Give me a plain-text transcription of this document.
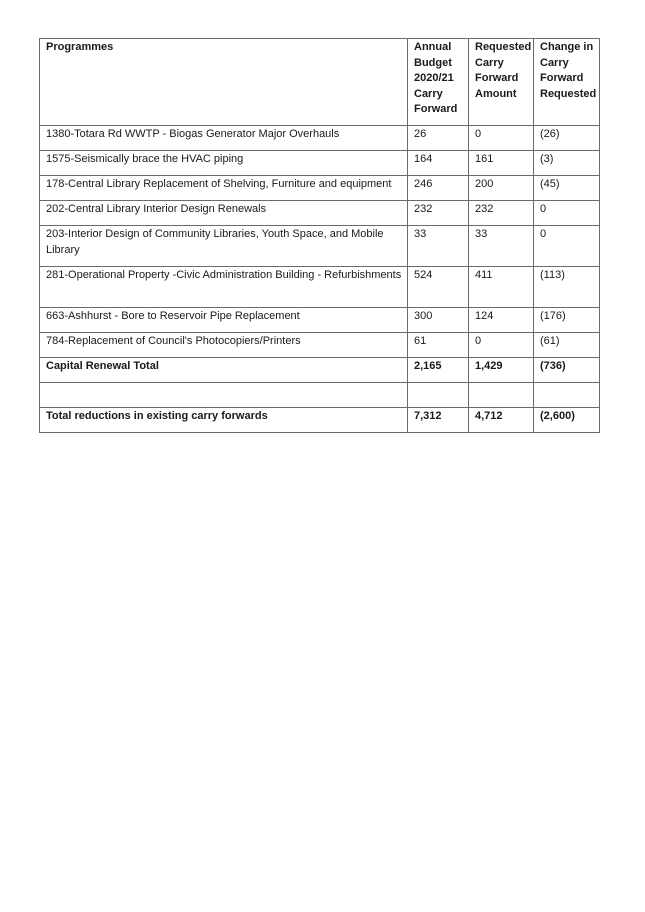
Programmes	Annual Budget 2020/21 Carry Forward	Requested Carry Forward Amount	Change in Carry Forward Requested
1380-Totara Rd WWTP - Biogas Generator Major Overhauls	26	0	(26)
1575-Seismically brace the HVAC piping	164	161	(3)
178-Central Library Replacement of Shelving, Furniture and equipment	246	200	(45)
202-Central Library Interior Design Renewals	232	232	0
203-Interior Design of Community Libraries, Youth Space, and Mobile Library	33	33	0
281-Operational Property -Civic Administration Building - Refurbishments	524	411	(113)
663-Ashhurst - Bore to Reservoir Pipe Replacement	300	124	(176)
784-Replacement of Council's Photocopiers/Printers	61	0	(61)
Capital Renewal Total	2,165	1,429	(736)

Total reductions in existing carry forwards	7,312	4,712	(2,600)
